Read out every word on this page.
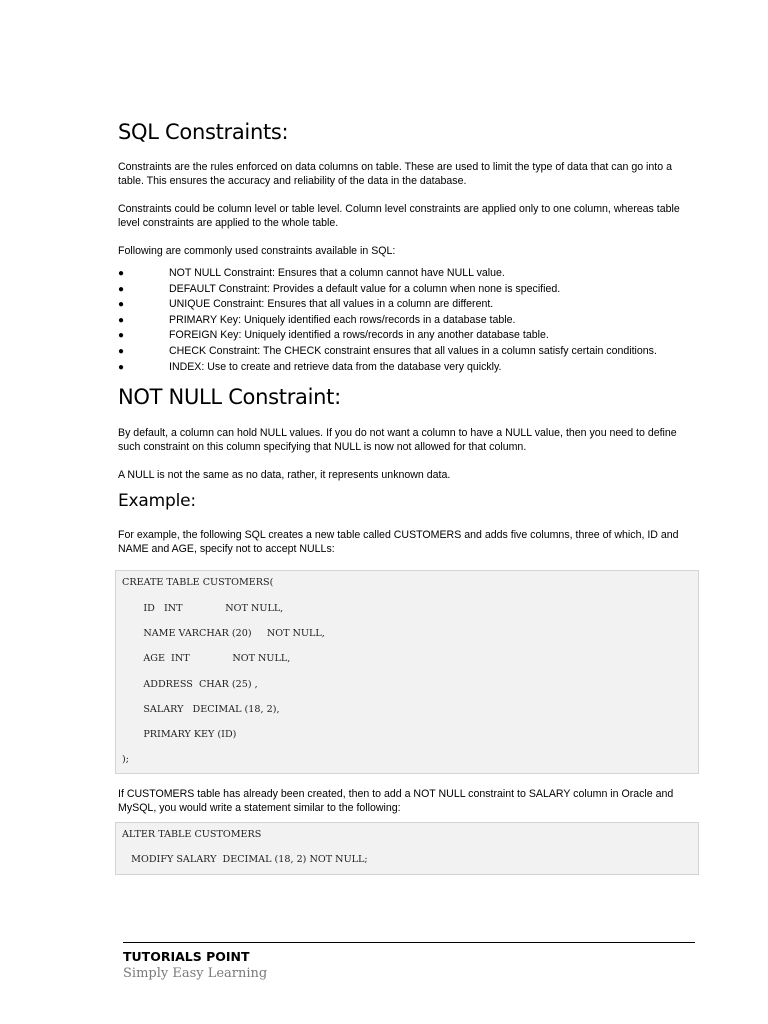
SQL Constraints:

Constraints are the rules enforced on data columns on table. These are used to limit the type of data that can go into a table. This ensures the accuracy and reliability of the data in the database.

Constraints could be column level or table level. Column level constraints are applied only to one column, whereas table level constraints are applied to the whole table.

Following are commonly used constraints available in SQL:

●	NOT NULL Constraint: Ensures that a column cannot have NULL value.
●	DEFAULT Constraint: Provides a default value for a column when none is specified.
●	UNIQUE Constraint: Ensures that all values in a column are different.
●	PRIMARY Key: Uniquely identified each rows/records in a database table.
●	FOREIGN Key: Uniquely identified a rows/records in any another database table.
●	CHECK Constraint: The CHECK constraint ensures that all values in a column satisfy certain conditions.
●	INDEX: Use to create and retrieve data from the database very quickly.
NOT NULL Constraint:

By default, a column can hold NULL values. If you do not want a column to have a NULL value, then you need to define such constraint on this column specifying that NULL is now not allowed for that column.

A NULL is not the same as no data, rather, it represents unknown data.

Example:

For example, the following SQL creates a new table called CUSTOMERS and adds five columns, three of which, ID and NAME and AGE, specify not to accept NULLs:

CREATE TABLE CUSTOMERS(
ID   INT              NOT NULL,
NAME VARCHAR (20)     NOT NULL,
AGE  INT              NOT NULL,
ADDRESS  CHAR (25) ,
SALARY   DECIMAL (18, 2),
PRIMARY KEY (ID)
);

If CUSTOMERS table has already been created, then to add a NOT NULL constraint to SALARY column in Oracle and MySQL, you would write a statement similar to the following:

ALTER TABLE CUSTOMERS
MODIFY SALARY  DECIMAL (18, 2) NOT NULL;
TUTORIALS POINT
Simply Easy Learning
